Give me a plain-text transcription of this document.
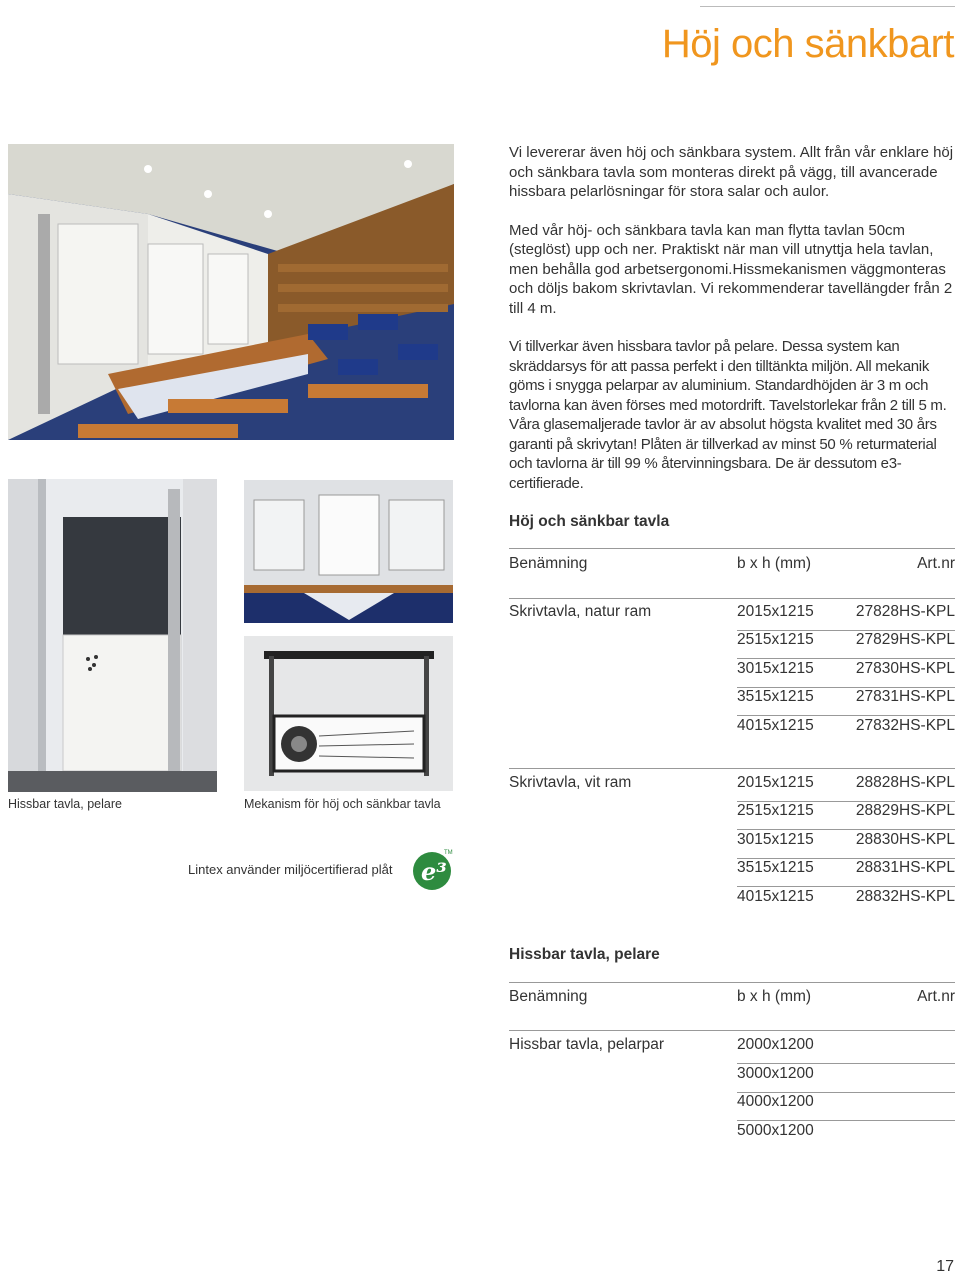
Höj och sänkbart
Hissbar tavla, pelare	Mekanism för höj och sänkbar tavla
Lintex använder miljöcertifierad plåt e³
TM

Vi levererar även höj och sänkbara system. Allt från vår enklare höj och sänkbara tavla som monteras direkt på vägg, till avancerade hissbara pelarlösningar för stora salar och aulor.

Med vår höj- och sänkbara tavla kan man flytta tavlan 50cm (steglöst) upp och ner. Praktiskt när man vill utnyttja hela tavlan, men behålla god arbetsergonomi.Hissmekanismen väggmonteras och döljs bakom skrivtavlan. Vi rekommenderar tavellängder från 2 till 4 m.

Vi tillverkar även hissbara tavlor på pelare. Dessa system kan skräddarsys för att passa perfekt i den tilltänkta miljön. All mekanik göms i snygga pelarpar av aluminium. Standardhöjden är 3 m och tavlorna kan även förses med motordrift. Tavelstorlekar från 2 till 5 m. Våra glasemaljerade tavlor är av absolut högsta kvalitet med 30 års garanti på skrivytan! Plåten är tillverkad av minst 50 % returmaterial och tavlorna är till 99 % återvinningsbara. De är dessutom e3-certifierade.

Höj och sänkbar tavla
Benämning	b x h (mm)	Art.nr
Skrivtavla, natur ram	2015x1215	27828HS-KPL
2515x1215	27829HS-KPL
3015x1215	27830HS-KPL
3515x1215	27831HS-KPL
4015x1215	27832HS-KPL
Skrivtavla, vit ram	2015x1215	28828HS-KPL
2515x1215	28829HS-KPL
3015x1215	28830HS-KPL
3515x1215	28831HS-KPL
4015x1215	28832HS-KPL
Hissbar tavla, pelare
Benämning	b x h (mm)	Art.nr
Hissbar tavla, pelarpar	2000x1200
3000x1200
4000x1200
5000x1200
17
